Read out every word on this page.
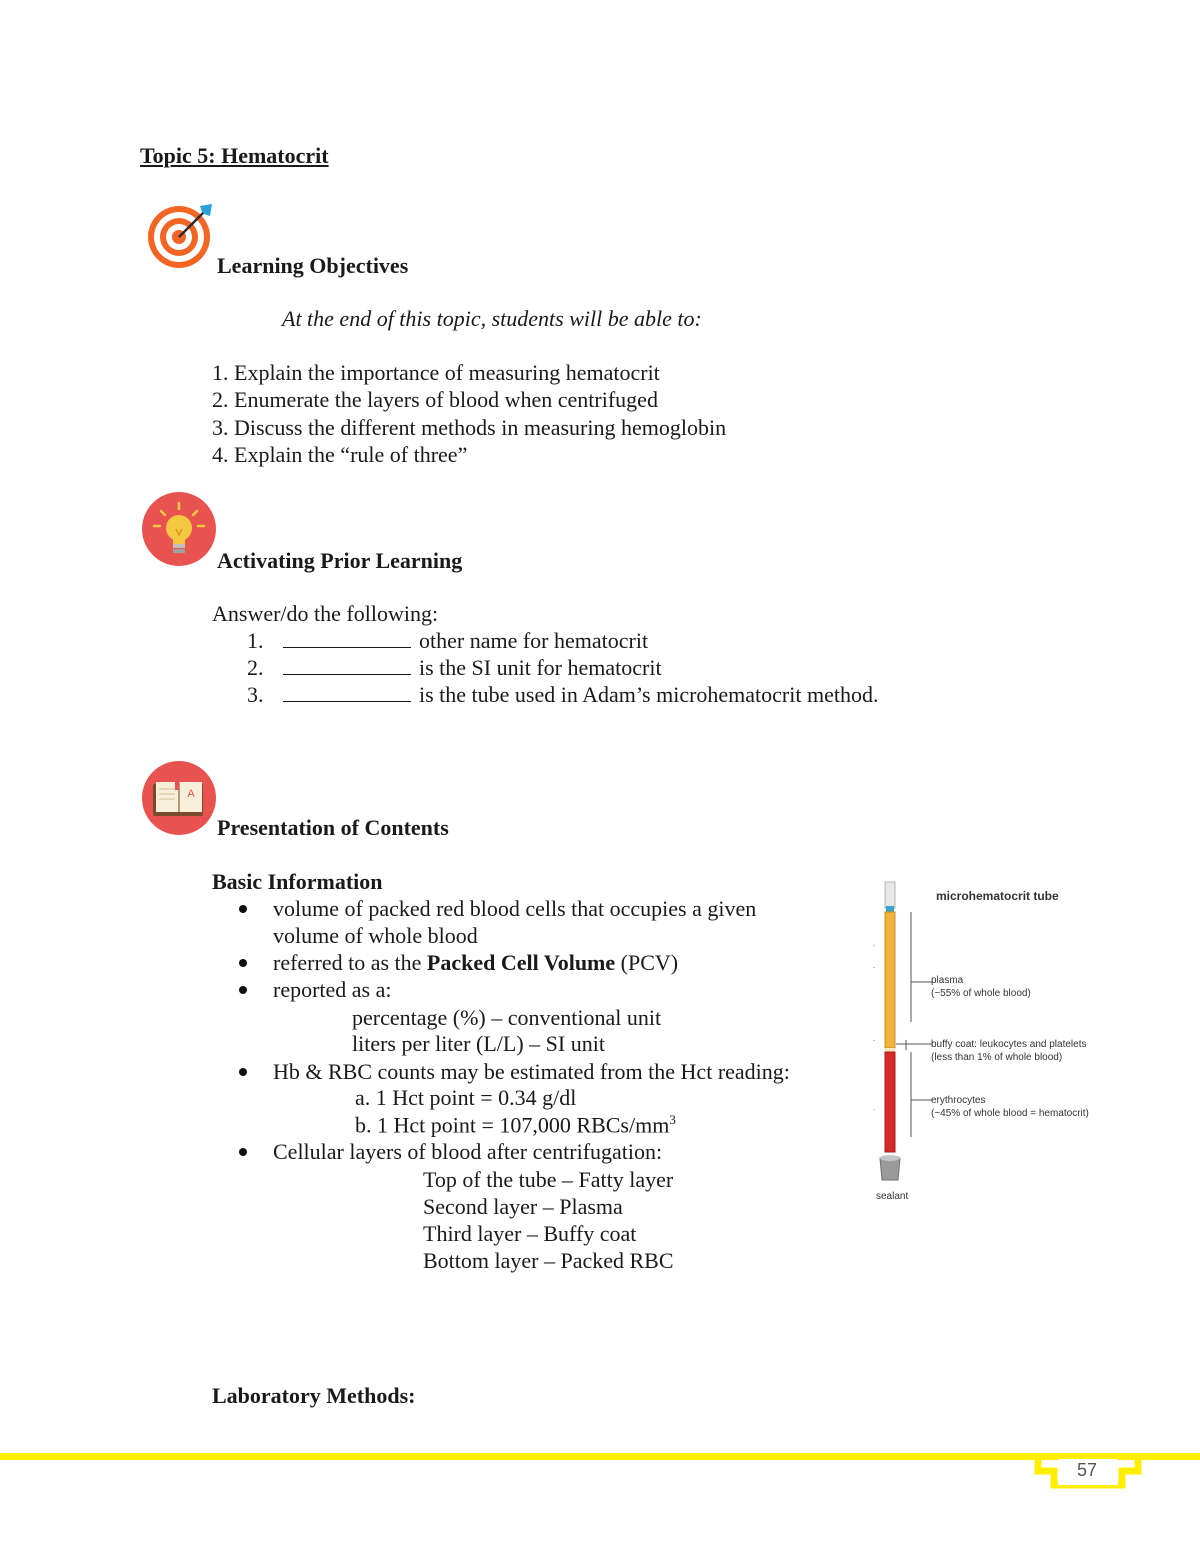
Topic 5: Hematocrit
Learning Objectives
At the end of this topic, students will be able to:
1. Explain the importance of measuring hematocrit
2. Enumerate the layers of blood when centrifuged
3. Discuss the different methods in measuring hemoglobin
4. Explain the “rule of three”
Activating Prior Learning
Answer/do the following:
1.	other name for hematocrit
2.	is the SI unit for hematocrit
3.	is the tube used in Adam’s microhematocrit method.
A
Presentation of Contents
Basic Information
volume of packed red blood cells that occupies a given
volume of whole blood
referred to as the Packed Cell Volume (PCV)
reported as a:
percentage (%) – conventional unit
liters per liter (L/L) – SI unit
Hb & RBC counts may be estimated from the Hct reading:
a. 1 Hct point = 0.34 g/dl
b. 1 Hct point = 107,000 RBCs/$mm^3$
Cellular layers of blood after centrifugation:
Top of the tube – Fatty layer
Second layer – Plasma
Third layer – Buffy coat
Bottom layer – Packed RBC
Laboratory Methods:
.
.
.
.
microhematocrit tube
plasma
(~55% of whole blood)
buffy coat: leukocytes and platelets
(less than 1% of whole blood)
erythrocytes
(~45% of whole blood = hematocrit)
sealant
57
